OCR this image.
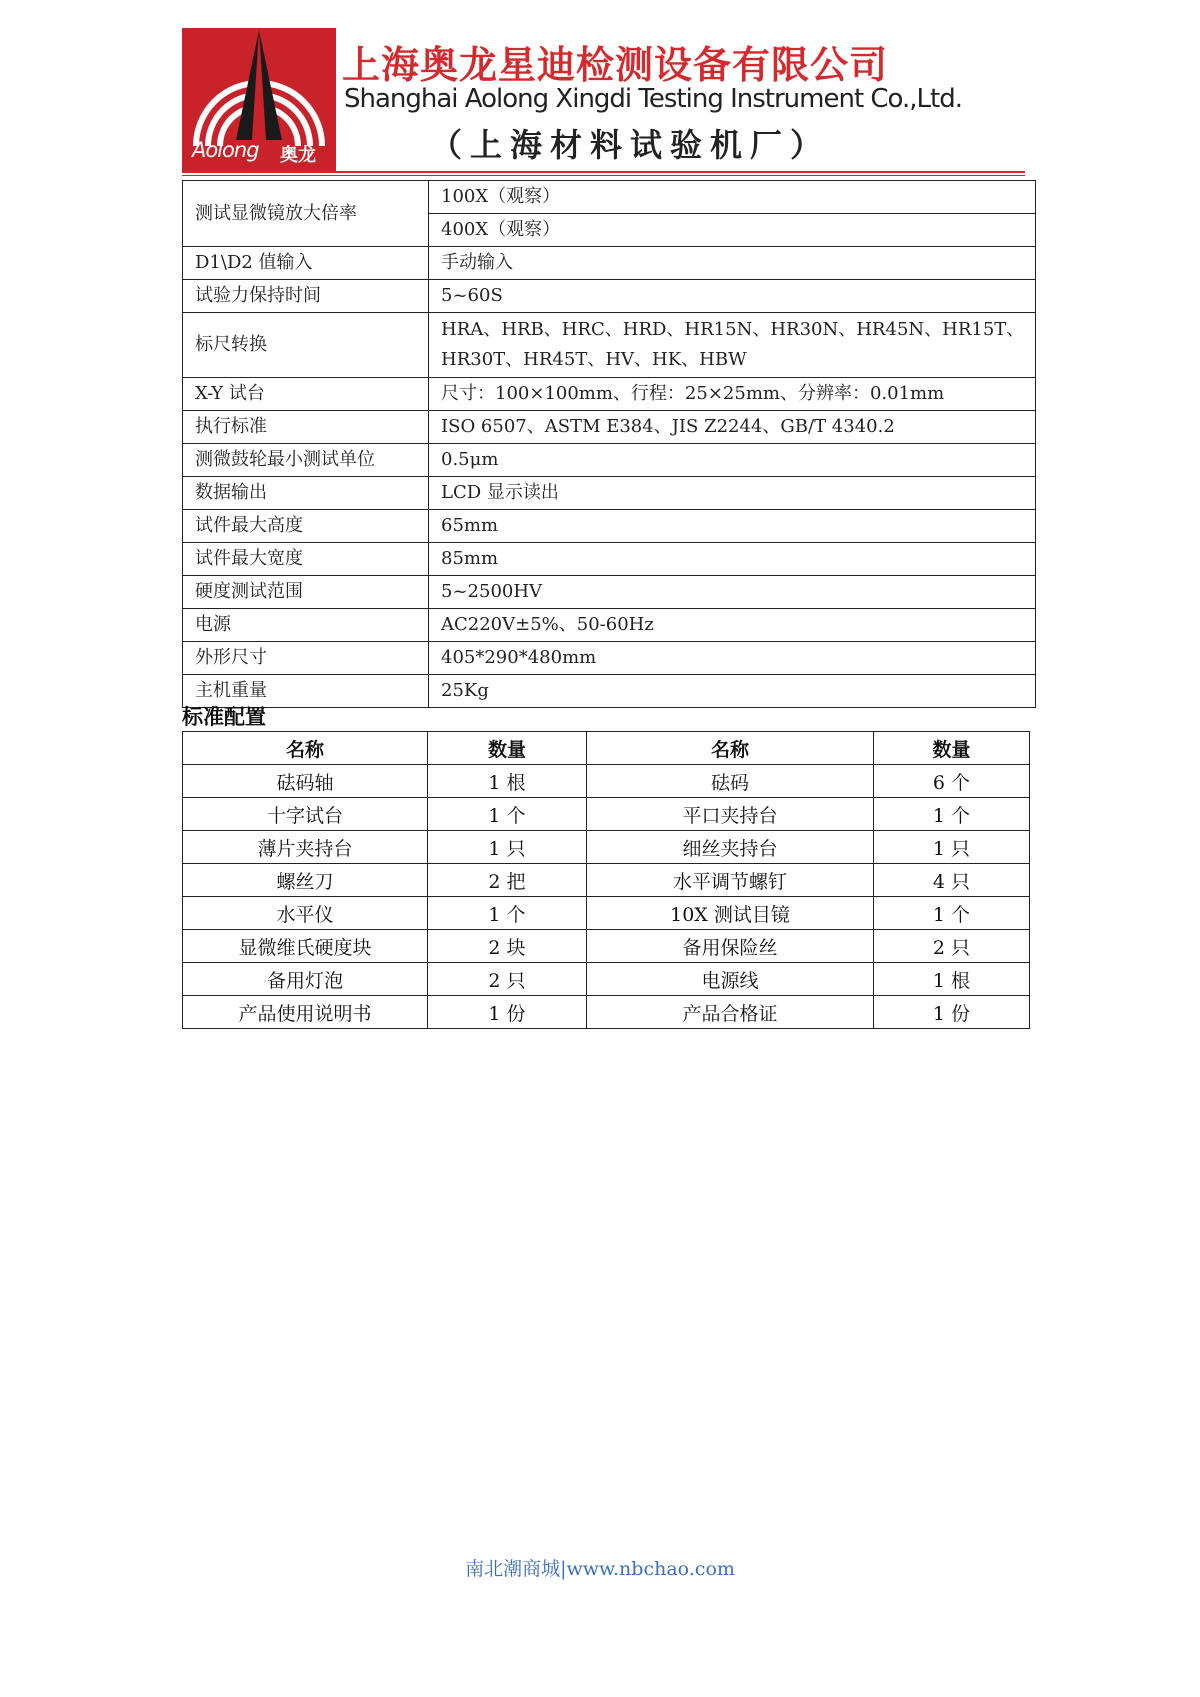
Aolong 奥龙
上海奥龙星迪检测设备有限公司
Shanghai Aolong Xingdi Testing Instrument Co.,Ltd.
（上海材料试验机厂）
测试显微镜放大倍率	100X（观察）
	400X（观察）
D1\D2 值输入	手动输入
试验力保持时间	5~60S
标尺转换	HRA、HRB、HRC、HRD、HR15N、HR30N、HR45N、HR15T、HR30T、HR45T、HV、HK、HBW
X-Y 试台	尺寸：100×100mm、行程：25×25mm、分辨率：0.01mm
执行标准	ISO 6507、ASTM E384、JIS Z2244、GB/T 4340.2
测微鼓轮最小测试单位	0.5μm
数据输出	LCD 显示读出
试件最大高度	65mm
试件最大宽度	85mm
硬度测试范围	5~2500HV
电源	AC220V±5%、50-60Hz
外形尺寸	405*290*480mm
主机重量	25Kg
标准配置
名称	数量	名称	数量
砝码轴	1 根	砝码	6 个
十字试台	1 个	平口夹持台	1 个
薄片夹持台	1 只	细丝夹持台	1 只
螺丝刀	2 把	水平调节螺钉	4 只
水平仪	1 个	10X 测试目镜	1 个
显微维氏硬度块	2 块	备用保险丝	2 只
备用灯泡	2 只	电源线	1 根
产品使用说明书	1 份	产品合格证	1 份
南北潮商城|www.nbchao.com
